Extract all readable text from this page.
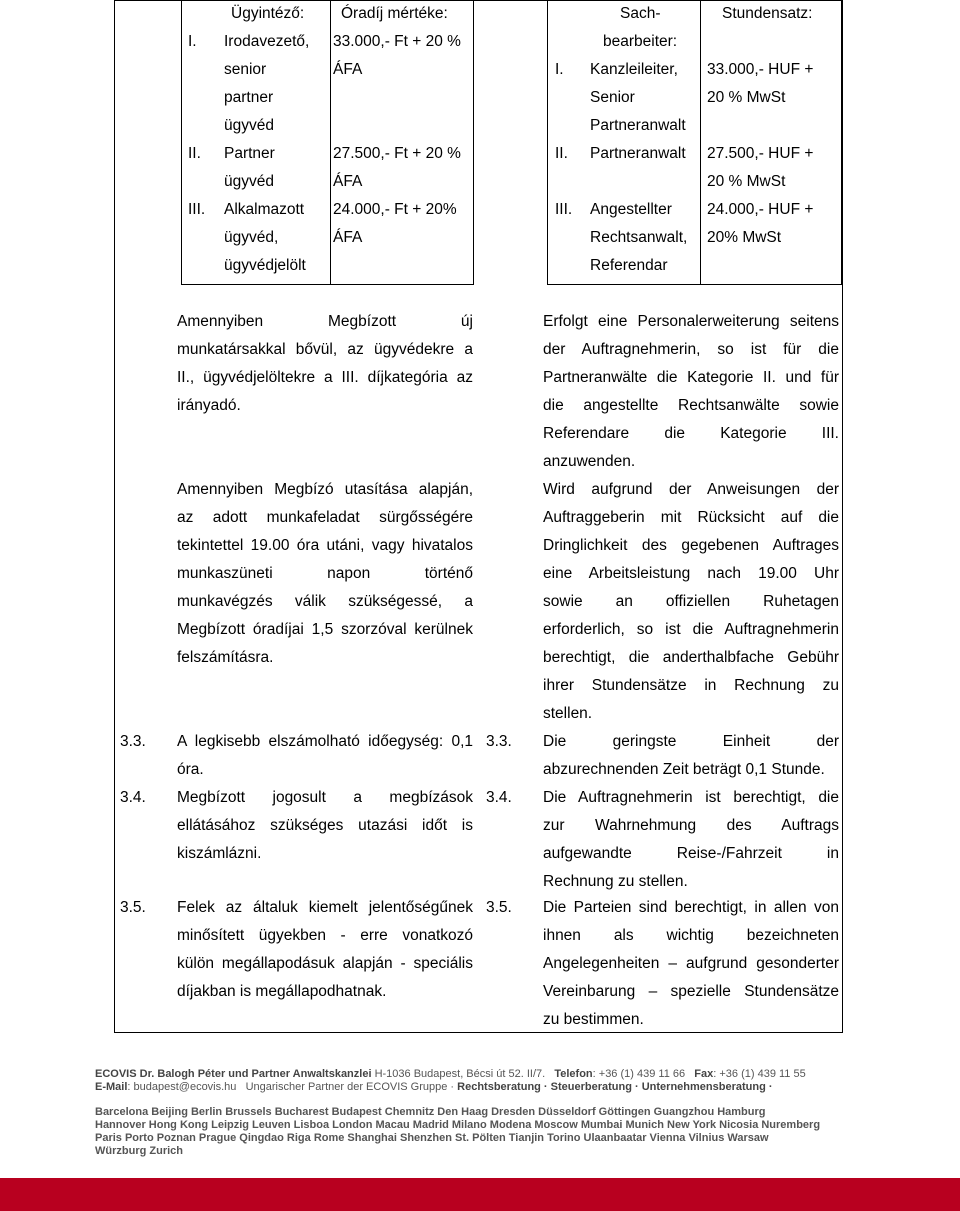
Ügyintéző: Óradíj mértéke:
I. Irodavezető,
senior
partner
ügyvéd
33.000,- Ft + 20 %
ÁFA
II. Partner
ügyvéd
27.500,- Ft + 20 %
ÁFA
III. Alkalmazott
ügyvéd,
ügyvédjelölt
24.000,- Ft + 20%
ÁFA
Sach-
bearbeiter:
Stundensatz:
I. Kanzleileiter,
Senior
Partneranwalt
33.000,- HUF +
20 % MwSt
II. Partneranwalt	27.500,- HUF +
20 % MwSt
III. Angestellter
Rechtsanwalt,
Referendar
24.000,- HUF +
20% MwSt
Amennyiben Megbízott új
munkatársakkal bővül, az ügyvédekre a
II., ügyvédjelöltekre a III. díjkategória az
irányadó.
Amennyiben Megbízó utasítása alapján,
az adott munkafeladat sürgősségére
tekintettel 19.00 óra utáni, vagy hivatalos
munkaszüneti napon történő
munkavégzés válik szükségessé, a
Megbízott óradíjai 1,5 szorzóval kerülnek
felszámításra.
3.3. A legkisebb elszámolható időegység: 0,1
óra.
3.4. Megbízott jogosult a megbízások
ellátásához szükséges utazási időt is
kiszámlázni.
3.5. Felek az általuk kiemelt jelentőségűnek
minősített ügyekben - erre vonatkozó
külön megállapodásuk alapján - speciális
díjakban is megállapodhatnak.
Erfolgt eine Personalerweiterung seitens
der Auftragnehmerin, so ist für die
Partneranwälte die Kategorie II. und für
die angestellte Rechtsanwälte sowie
Referendare die Kategorie III.
anzuwenden.
Wird aufgrund der Anweisungen der
Auftraggeberin mit Rücksicht auf die
Dringlichkeit des gegebenen Auftrages
eine Arbeitsleistung nach 19.00 Uhr
sowie an offiziellen Ruhetagen
erforderlich, so ist die Auftragnehmerin
berechtigt, die anderthalbfache Gebühr
ihrer Stundensätze in Rechnung zu
stellen.
3.3. Die geringste Einheit der
abzurechnenden Zeit beträgt 0,1 Stunde.
3.4. Die Auftragnehmerin ist berechtigt, die
zur Wahrnehmung des Auftrags
aufgewandte Reise-/Fahrzeit in
Rechnung zu stellen.
3.5. Die Parteien sind berechtigt, in allen von
ihnen als wichtig bezeichneten
Angelegenheiten – aufgrund gesonderter
Vereinbarung – spezielle Stundensätze
zu bestimmen.
ECOVIS Dr. Balogh Péter und Partner Anwaltskanzlei H-1036 Budapest, Bécsi út 52. II/7. Telefon: +36 (1) 439 11 66 Fax: +36 (1) 439 11 55
E-Mail: budapest@ecovis.hu Ungarischer Partner der ECOVIS Gruppe · Rechtsberatung · Steuerberatung · Unternehmensberatung ·
Barcelona Beijing Berlin Brussels Bucharest Budapest Chemnitz Den Haag Dresden Düsseldorf Göttingen Guangzhou Hamburg
Hannover Hong Kong Leipzig Leuven Lisboa London Macau Madrid Milano Modena Moscow Mumbai Munich New York Nicosia Nuremberg
Paris Porto Poznan Prague Qingdao Riga Rome Shanghai Shenzhen St. Pölten Tianjin Torino Ulaanbaatar Vienna Vilnius Warsaw
Würzburg Zurich
